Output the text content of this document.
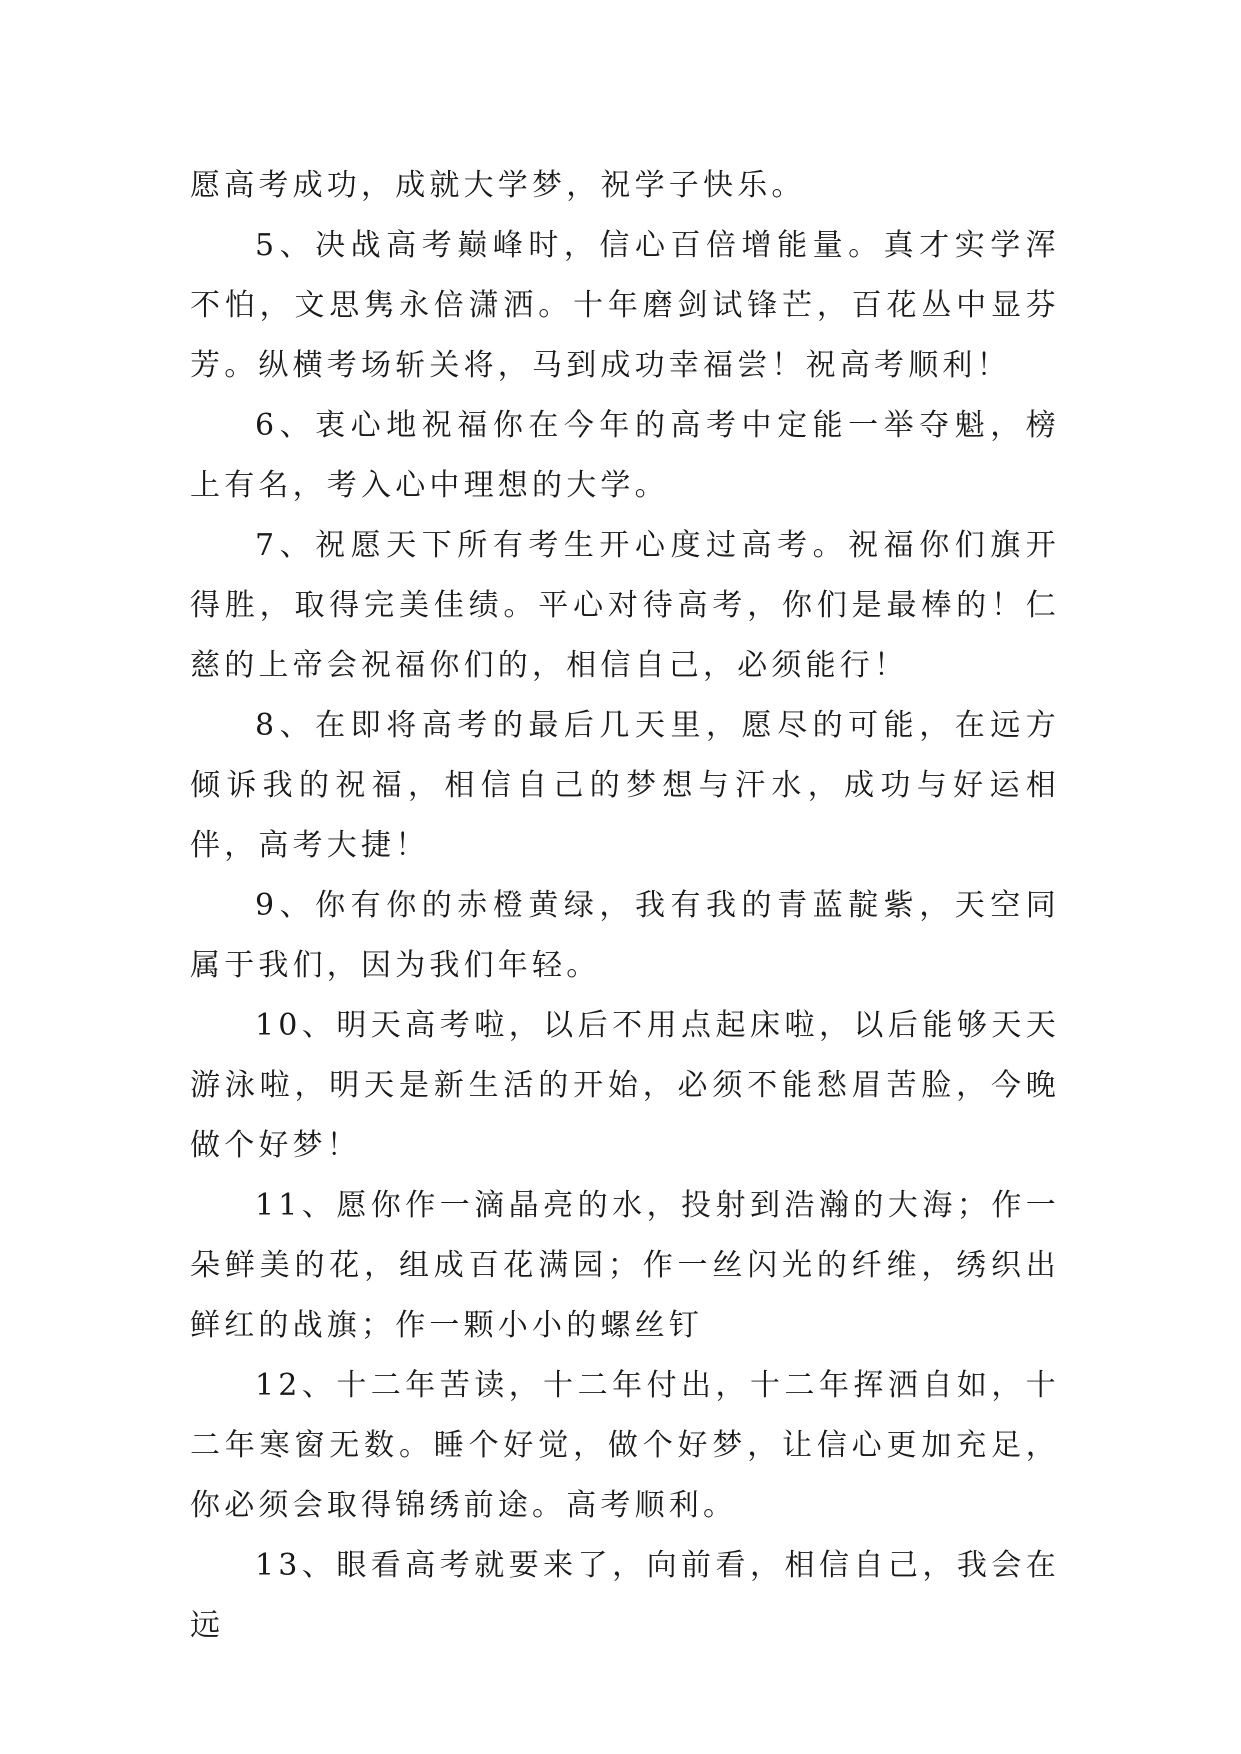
愿高考成功，成就大学梦，祝学子快乐。

5、决战高考巅峰时，信心百倍增能量。真才实学浑不怕，文思隽永倍潇洒。十年磨剑试锋芒，百花丛中显芬芳。纵横考场斩关将，马到成功幸福尝！祝高考顺利！

6、衷心地祝福你在今年的高考中定能一举夺魁，榜上有名，考入心中理想的大学。

7、祝愿天下所有考生开心度过高考。祝福你们旗开得胜，取得完美佳绩。平心对待高考，你们是最棒的！仁慈的上帝会祝福你们的，相信自己，必须能行！

8、在即将高考的最后几天里，愿尽的可能，在远方倾诉我的祝福，相信自己的梦想与汗水，成功与好运相伴，高考大捷！

9、你有你的赤橙黄绿，我有我的青蓝靛紫，天空同属于我们，因为我们年轻。

10、明天高考啦，以后不用点起床啦，以后能够天天游泳啦，明天是新生活的开始，必须不能愁眉苦脸，今晚做个好梦！

11、愿你作一滴晶亮的水，投射到浩瀚的大海；作一朵鲜美的花，组成百花满园；作一丝闪光的纤维，绣织出鲜红的战旗；作一颗小小的螺丝钉

12、十二年苦读，十二年付出，十二年挥洒自如，十二年寒窗无数。睡个好觉，做个好梦，让信心更加充足，你必须会取得锦绣前途。高考顺利。

13、眼看高考就要来了，向前看，相信自己，我会在远
